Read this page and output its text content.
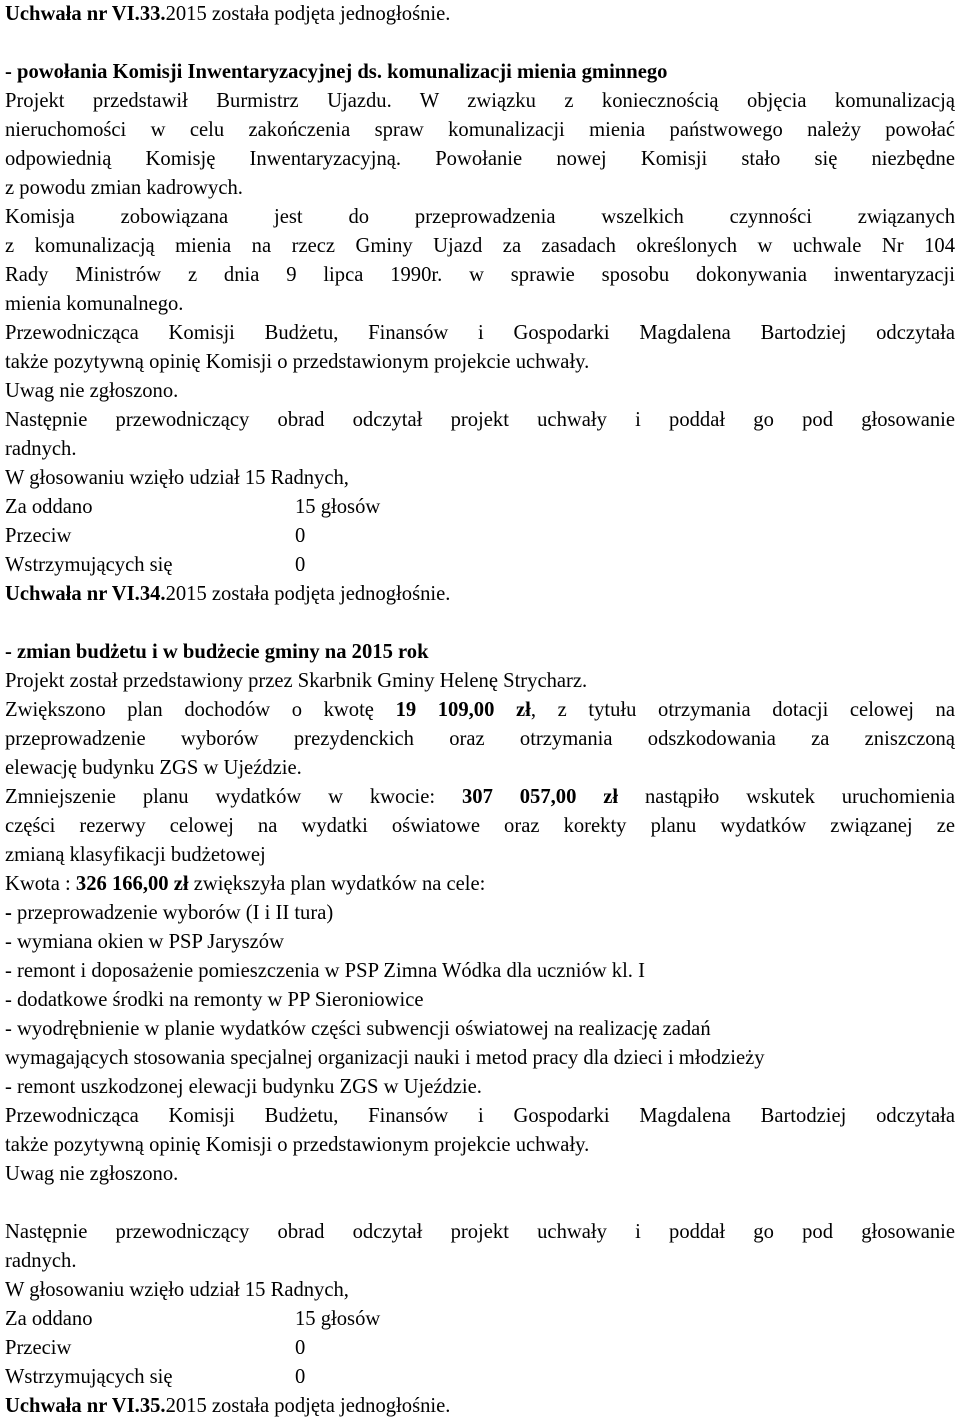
Uchwała nr VI.33.2015 została podjęta jednogłośnie.
- powołania Komisji Inwentaryzacyjnej ds. komunalizacji mienia gminnego
Projekt przedstawił Burmistrz Ujazdu. W związku z koniecznością objęcia komunalizacją
nieruchomości w celu zakończenia spraw komunalizacji mienia państwowego należy powołać
odpowiednią Komisję Inwentaryzacyjną. Powołanie nowej Komisji stało się niezbędne
z powodu zmian kadrowych.
Komisja zobowiązana jest do przeprowadzenia wszelkich czynności związanych
z komunalizacją mienia na rzecz Gminy Ujazd za zasadach określonych w uchwale Nr 104
Rady Ministrów z dnia 9 lipca 1990r. w sprawie sposobu dokonywania inwentaryzacji
mienia komunalnego.
Przewodnicząca Komisji Budżetu, Finansów i Gospodarki Magdalena Bartodziej odczytała
także pozytywną opinię Komisji o przedstawionym projekcie uchwały.
Uwag nie zgłoszono.
Następnie przewodniczący obrad odczytał projekt uchwały i poddał go pod głosowanie
radnych.
W głosowaniu wzięło udział 15 Radnych,
Za oddano	15 głosów
Przeciw	0
Wstrzymujących się	0
Uchwała nr VI.34.2015 została podjęta jednogłośnie.
- zmian budżetu i w budżecie gminy na 2015 rok
Projekt został przedstawiony przez Skarbnik Gminy Helenę Strycharz.
Zwiększono plan dochodów o kwotę 19 109,00 zł, z tytułu otrzymania dotacji celowej na
przeprowadzenie wyborów prezydenckich oraz otrzymania odszkodowania za zniszczoną
elewację budynku ZGS w Ujeździe.
Zmniejszenie planu wydatków w kwocie: 307 057,00 zł nastąpiło wskutek uruchomienia
części rezerwy celowej na wydatki oświatowe oraz korekty planu wydatków związanej ze
zmianą klasyfikacji budżetowej
Kwota : 326 166,00 zł zwiększyła plan wydatków na cele:
- przeprowadzenie wyborów (I i II tura)
- wymiana okien w PSP Jaryszów
- remont i doposażenie pomieszczenia w PSP Zimna Wódka dla uczniów kl. I
- dodatkowe środki na remonty w PP Sieroniowice
- wyodrębnienie w planie wydatków części subwencji oświatowej na realizację zadań
wymagających stosowania specjalnej organizacji nauki i metod pracy dla dzieci i młodzieży
- remont uszkodzonej elewacji budynku ZGS w Ujeździe.
Przewodnicząca Komisji Budżetu, Finansów i Gospodarki Magdalena Bartodziej odczytała
także pozytywną opinię Komisji o przedstawionym projekcie uchwały.
Uwag nie zgłoszono.
Następnie przewodniczący obrad odczytał projekt uchwały i poddał go pod głosowanie
radnych.
W głosowaniu wzięło udział 15 Radnych,
Za oddano	15 głosów
Przeciw	0
Wstrzymujących się	0
Uchwała nr VI.35.2015 została podjęta jednogłośnie.
